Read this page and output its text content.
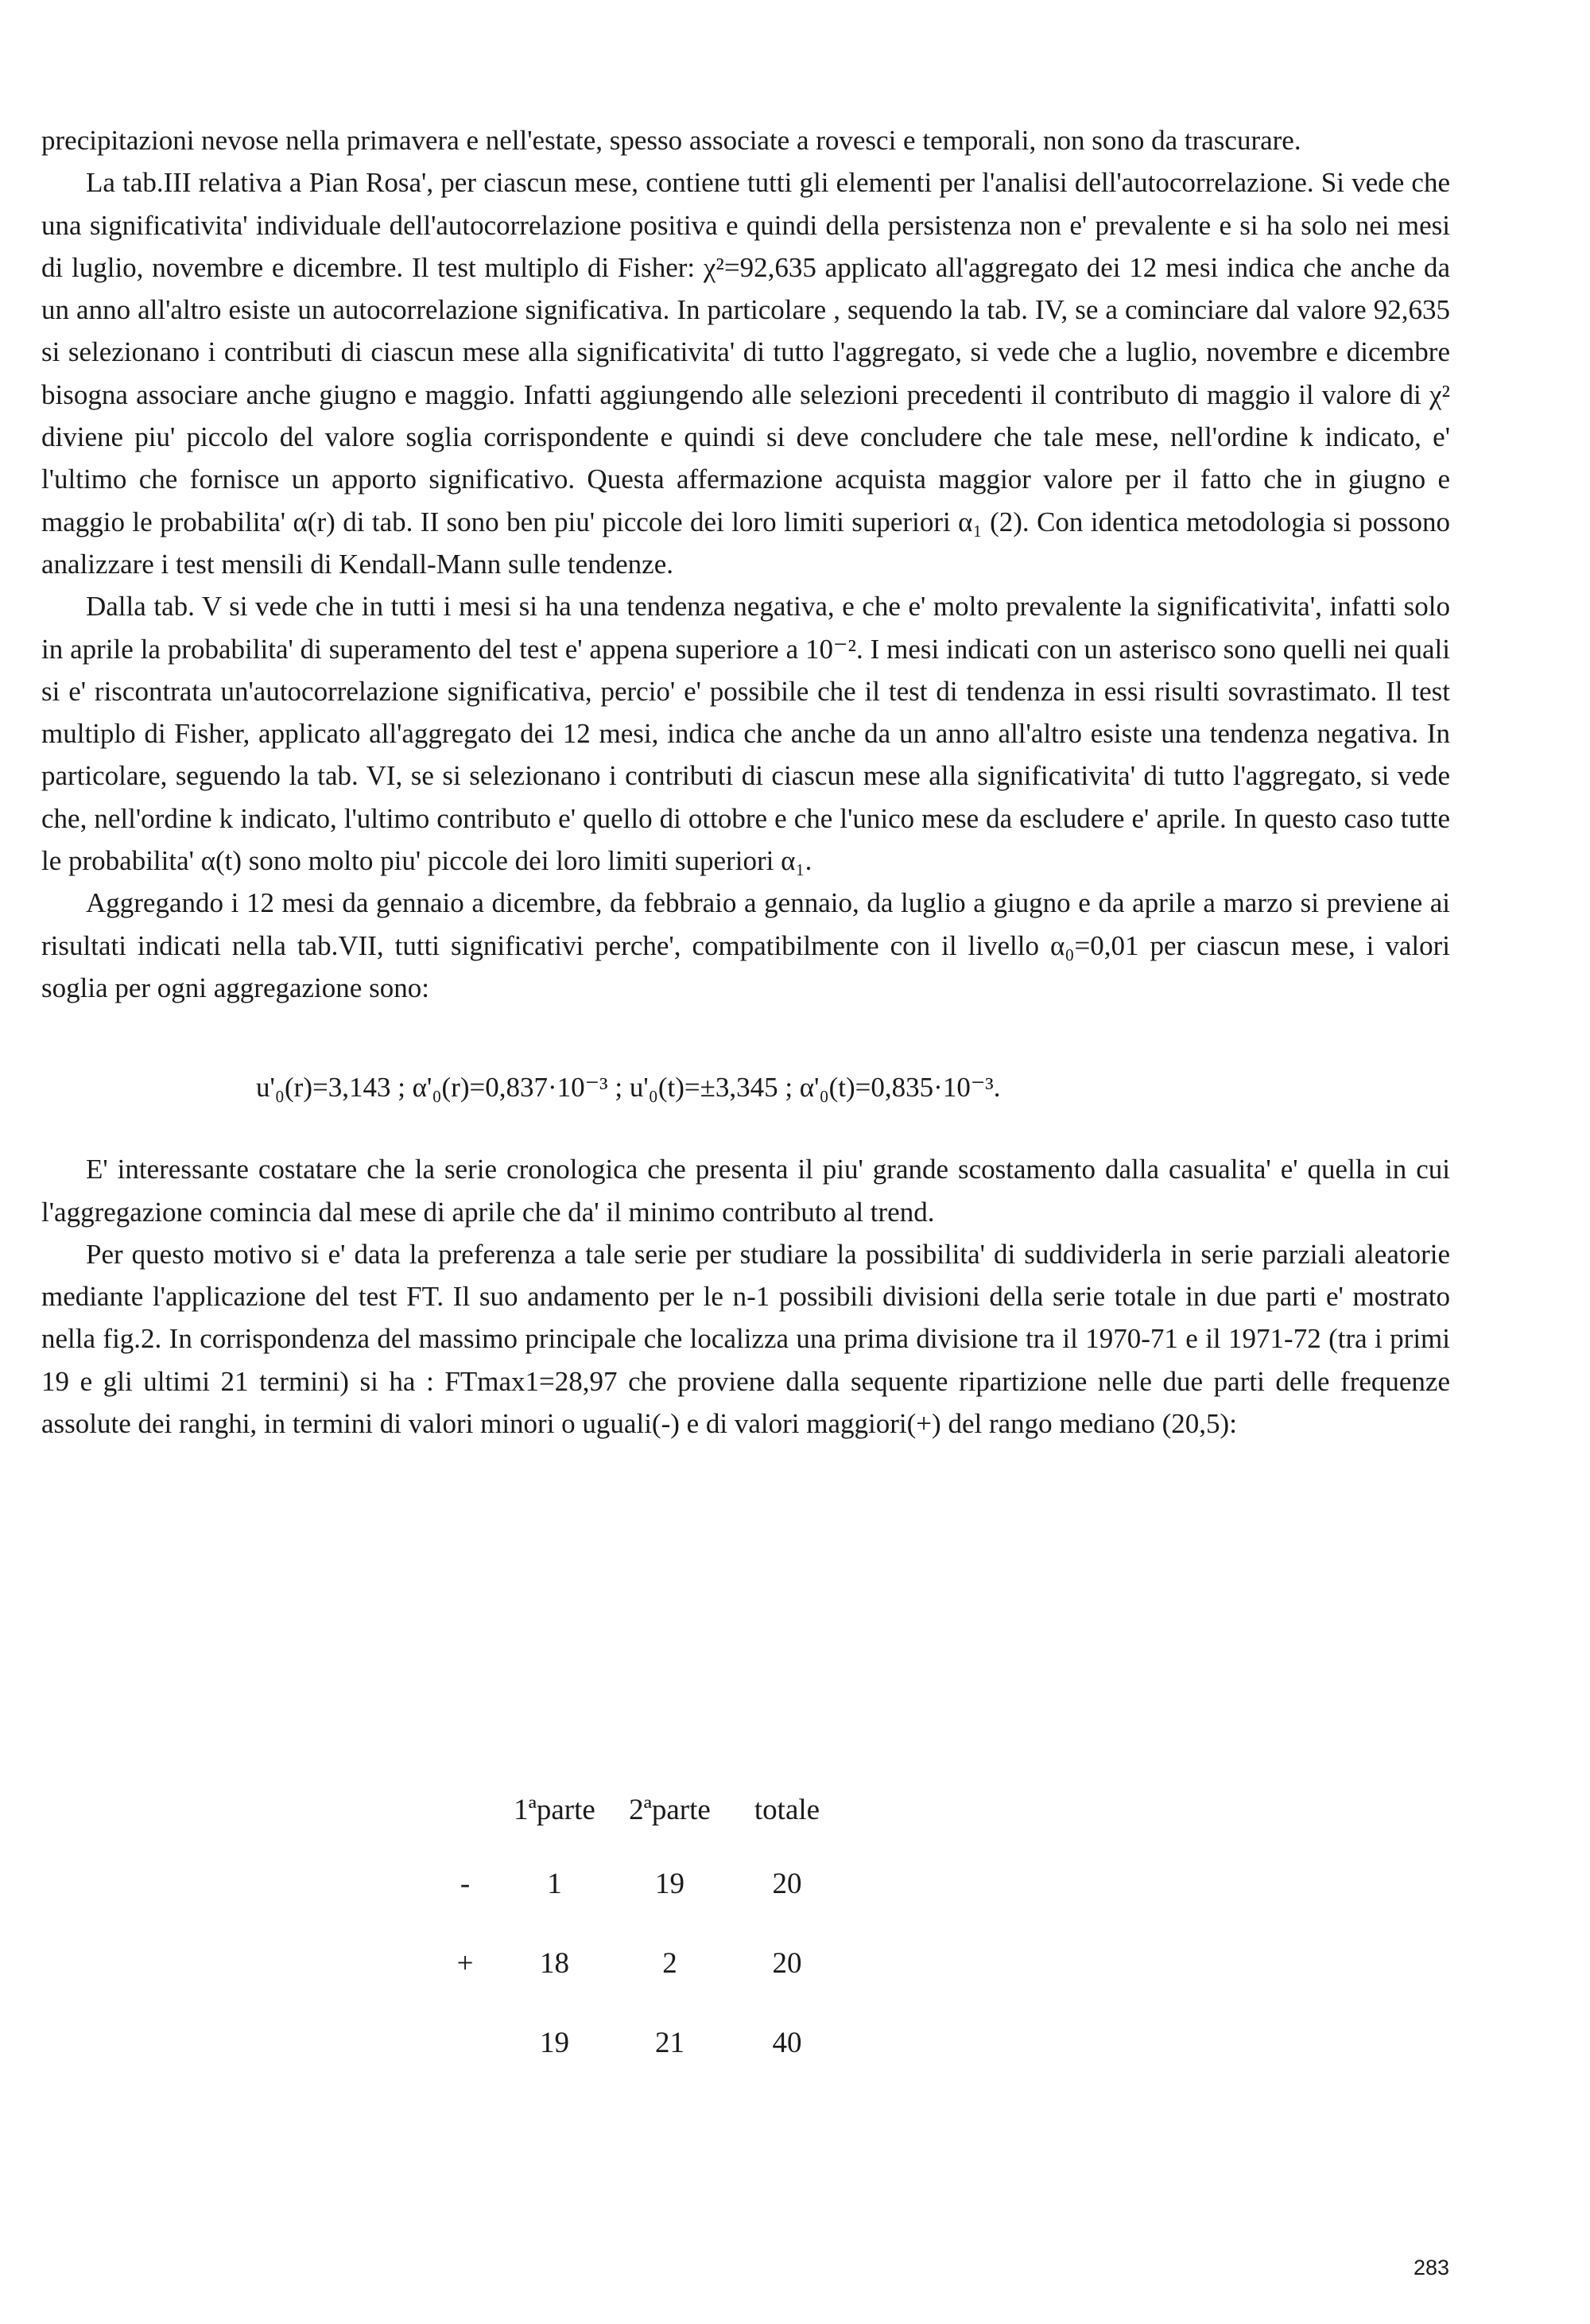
precipitazioni nevose nella primavera e nell'estate, spesso associate a rovesci e temporali, non sono da trascurare.

La tab.III relativa a Pian Rosa', per ciascun mese, contiene tutti gli elementi per l'analisi dell'autocorrelazione. Si vede che una significativita' individuale dell'autocorrelazione positiva e quindi della persistenza non e' prevalente e si ha solo nei mesi di luglio, novembre e dicembre. Il test multiplo di Fisher: χ²=92,635 applicato all'aggregato dei 12 mesi indica che anche da un anno all'altro esiste un autocorrelazione significativa. In particolare , sequendo la tab. IV, se a cominciare dal valore 92,635 si selezionano i contributi di ciascun mese alla significativita' di tutto l'aggregato, si vede che a luglio, novembre e dicembre bisogna associare anche giugno e maggio. Infatti aggiungendo alle selezioni precedenti il contributo di maggio il valore di χ² diviene piu' piccolo del valore soglia corrispondente e quindi si deve concludere che tale mese, nell'ordine k indicato, e' l'ultimo che fornisce un apporto significativo. Questa affermazione acquista maggior valore per il fatto che in giugno e maggio le probabilita' α(r) di tab. II sono ben piu' piccole dei loro limiti superiori α₁ (2). Con identica metodologia si possono analizzare i test mensili di Kendall-Mann sulle tendenze.

Dalla tab. V si vede che in tutti i mesi si ha una tendenza negativa, e che e' molto prevalente la significativita', infatti solo in aprile la probabilita' di superamento del test e' appena superiore a 10⁻². I mesi indicati con un asterisco sono quelli nei quali si e' riscontrata un'autocorrelazione significativa, percio' e' possibile che il test di tendenza in essi risulti sovrastimato. Il test multiplo di Fisher, applicato all'aggregato dei 12 mesi, indica che anche da un anno all'altro esiste una tendenza negativa. In particolare, seguendo la tab. VI, se si selezionano i contributi di ciascun mese alla significativita' di tutto l'aggregato, si vede che, nell'ordine k indicato, l'ultimo contributo e' quello di ottobre e che l'unico mese da escludere e' aprile. In questo caso tutte le probabilita' α(t) sono molto piu' piccole dei loro limiti superiori α₁.

Aggregando i 12 mesi da gennaio a dicembre, da febbraio a gennaio, da luglio a giugno e da aprile a marzo si previene ai risultati indicati nella tab.VII, tutti significativi perche', compatibilmente con il livello α₀=0,01 per ciascun mese, i valori soglia per ogni aggregazione sono:

u'₀(r)=3,143 ; α'₀(r)=0,837·10⁻³ ; u'₀(t)=±3,345 ; α'₀(t)=0,835·10⁻³.

E' interessante costatare che la serie cronologica che presenta il piu' grande scostamento dalla casualita' e' quella in cui l'aggregazione comincia dal mese di aprile che da' il minimo contributo al trend.

Per questo motivo si e' data la preferenza a tale serie per studiare la possibilita' di suddividerla in serie parziali aleatorie mediante l'applicazione del test FT. Il suo andamento per le n-1 possibili divisioni della serie totale in due parti e' mostrato nella fig.2. In corrispondenza del massimo principale che localizza una prima divisione tra il 1970-71 e il 1971-72 (tra i primi 19 e gli ultimi 21 termini) si ha : FTmax1=28,97 che proviene dalla sequente ripartizione nelle due parti delle frequenze assolute dei ranghi, in termini di valori minori o uguali(-) e di valori maggiori(+) del rango mediano (20,5):

	1ªparte	2ªparte	totale
-	1	19	20
+	18	2	20
	19	21	40
283
